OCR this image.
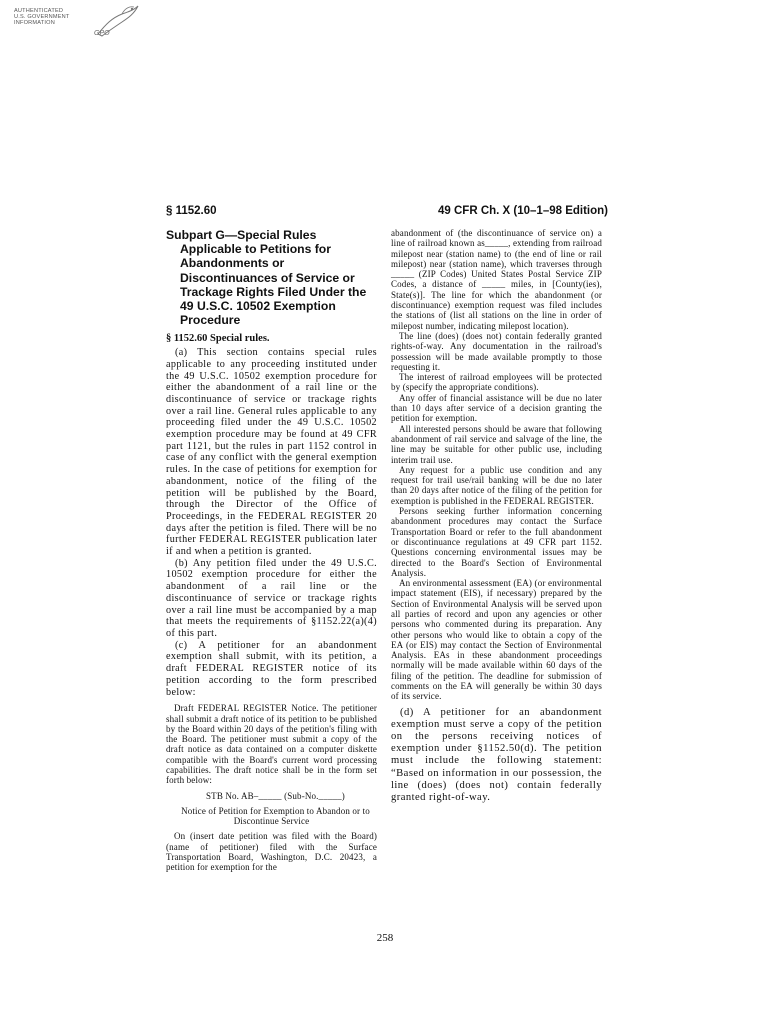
AUTHENTICATED
U.S. GOVERNMENT
INFORMATION
GPO
§ 1152.60	49 CFR Ch. X (10–1–98 Edition)
Subpart G—Special Rules Applicable to Petitions for Abandonments or Discontinuances of Service or Trackage Rights Filed Under the 49 U.S.C. 10502 Exemption Procedure
§ 1152.60 Special rules.

(a) This section contains special rules applicable to any proceeding instituted under the 49 U.S.C. 10502 exemption procedure for either the abandonment of a rail line or the discontinuance of service or trackage rights over a rail line. General rules applicable to any proceeding filed under the 49 U.S.C. 10502 exemption procedure may be found at 49 CFR part 1121, but the rules in part 1152 control in case of any conflict with the general exemption rules. In the case of petitions for exemption for abandonment, notice of the filing of the petition will be published by the Board, through the Director of the Office of Proceedings, in the FEDERAL REGISTER 20 days after the petition is filed. There will be no further FEDERAL REGISTER publication later if and when a petition is granted.

(b) Any petition filed under the 49 U.S.C. 10502 exemption procedure for either the abandonment of a rail line or the discontinuance of service or trackage rights over a rail line must be accompanied by a map that meets the requirements of §1152.22(a)(4) of this part.

(c) A petitioner for an abandonment exemption shall submit, with its petition, a draft FEDERAL REGISTER notice of its petition according to the form prescribed below:

Draft FEDERAL REGISTER Notice. The petitioner shall submit a draft notice of its petition to be published by the Board within 20 days of the petition's filing with the Board. The petitioner must submit a copy of the draft notice as data contained on a computer diskette compatible with the Board's current word processing capabilities. The draft notice shall be in the form set forth below:

STB No. AB–_____ (Sub-No._____)

Notice of Petition for Exemption to Abandon or to Discontinue Service

On (insert date petition was filed with the Board) (name of petitioner) filed with the Surface Transportation Board, Washington, D.C. 20423, a petition for exemption for the

abandonment of (the discontinuance of service on) a line of railroad known as_____, extending from railroad milepost near (station name) to (the end of line or rail milepost) near (station name), which traverses through _____ (ZIP Codes) United States Postal Service ZIP Codes, a distance of _____ miles, in [County(ies), State(s)]. The line for which the abandonment (or discontinuance) exemption request was filed includes the stations of (list all stations on the line in order of milepost number, indicating milepost location).

The line (does) (does not) contain federally granted rights-of-way. Any documentation in the railroad's possession will be made available promptly to those requesting it.

The interest of railroad employees will be protected by (specify the appropriate conditions).

Any offer of financial assistance will be due no later than 10 days after service of a decision granting the petition for exemption.

All interested persons should be aware that following abandonment of rail service and salvage of the line, the line may be suitable for other public use, including interim trail use.

Any request for a public use condition and any request for trail use/rail banking will be due no later than 20 days after notice of the filing of the petition for exemption is published in the FEDERAL REGISTER.

Persons seeking further information concerning abandonment procedures may contact the Surface Transportation Board or refer to the full abandonment or discontinuance regulations at 49 CFR part 1152. Questions concerning environmental issues may be directed to the Board's Section of Environmental Analysis.

An environmental assessment (EA) (or environmental impact statement (EIS), if necessary) prepared by the Section of Environmental Analysis will be served upon all parties of record and upon any agencies or other persons who commented during its preparation. Any other persons who would like to obtain a copy of the EA (or EIS) may contact the Section of Environmental Analysis. EAs in these abandonment proceedings normally will be made available within 60 days of the filing of the petition. The deadline for submission of comments on the EA will generally be within 30 days of its service.

(d) A petitioner for an abandonment exemption must serve a copy of the petition on the persons receiving notices of exemption under §1152.50(d). The petition must include the following statement: “Based on information in our possession, the line (does) (does not) contain federally granted right-of-way.

258
